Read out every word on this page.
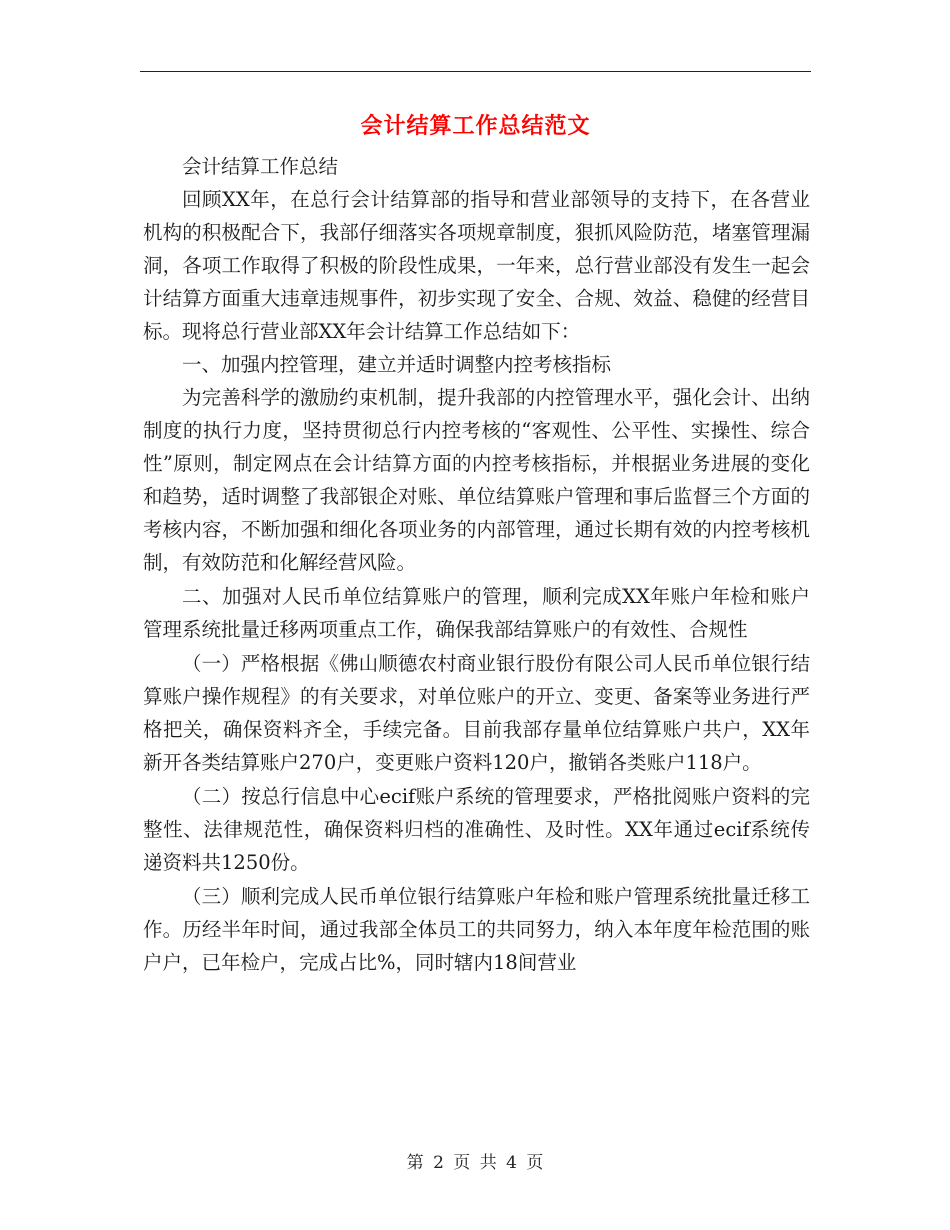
会计结算工作总结范文

会计结算工作总结

回顾XX年，在总行会计结算部的指导和营业部领导的支持下，在各营业机构的积极配合下，我部仔细落实各项规章制度，狠抓风险防范，堵塞管理漏洞，各项工作取得了积极的阶段性成果，一年来，总行营业部没有发生一起会计结算方面重大违章违规事件，初步实现了安全、合规、效益、稳健的经营目标。现将总行营业部XX年会计结算工作总结如下：

一、加强内控管理，建立并适时调整内控考核指标

为完善科学的激励约束机制，提升我部的内控管理水平，强化会计、出纳制度的执行力度，坚持贯彻总行内控考核的“客观性、公平性、实操性、综合性”原则，制定网点在会计结算方面的内控考核指标，并根据业务进展的变化和趋势，适时调整了我部银企对账、单位结算账户管理和事后监督三个方面的考核内容，不断加强和细化各项业务的内部管理，通过长期有效的内控考核机制，有效防范和化解经营风险。

二、加强对人民币单位结算账户的管理，顺利完成XX年账户年检和账户管理系统批量迁移两项重点工作，确保我部结算账户的有效性、合规性

（一）严格根据《佛山顺德农村商业银行股份有限公司人民币单位银行结算账户操作规程》的有关要求，对单位账户的开立、变更、备案等业务进行严格把关，确保资料齐全，手续完备。目前我部存量单位结算账户共户，XX年新开各类结算账户270户，变更账户资料120户，撤销各类账户118户。

（二）按总行信息中心ecif账户系统的管理要求，严格批阅账户资料的完整性、法律规范性，确保资料归档的准确性、及时性。XX年通过ecif系统传递资料共1250份。

（三）顺利完成人民币单位银行结算账户年检和账户管理系统批量迁移工作。历经半年时间，通过我部全体员工的共同努力，纳入本年度年检范围的账户户，已年检户，完成占比%，同时辖内18间营业

第 2 页 共 4 页
